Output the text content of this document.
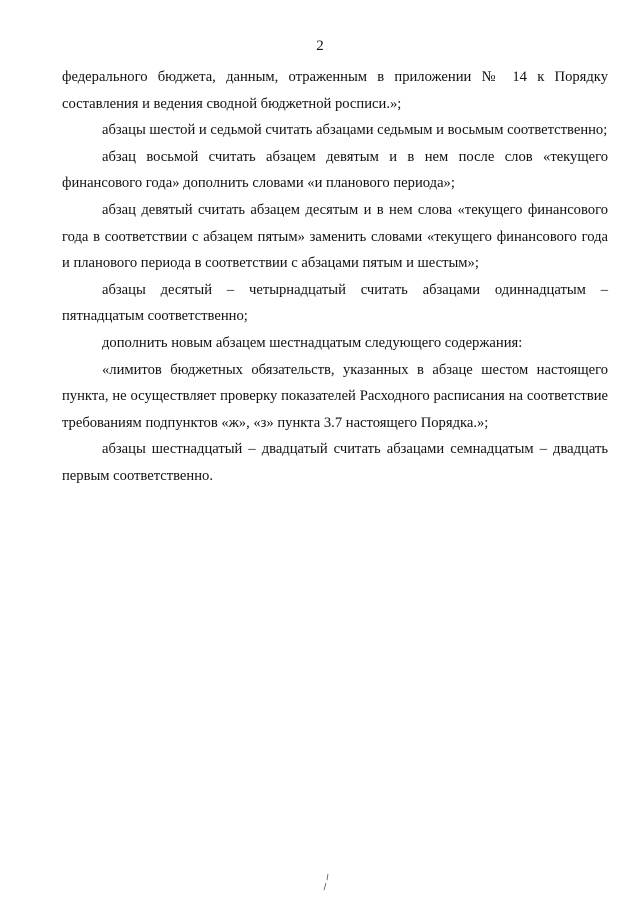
2

федерального бюджета, данным, отраженным в приложении № 14 к Порядку составления и ведения сводной бюджетной росписи.»;

абзацы шестой и седьмой считать абзацами седьмым и восьмым соответственно;

абзац восьмой считать абзацем девятым и в нем после слов «текущего финансового года» дополнить словами «и планового периода»;

абзац девятый считать абзацем десятым и в нем слова «текущего финансового года в соответствии с абзацем пятым» заменить словами «текущего финансового года и планового периода в соответствии с абзацами пятым и шестым»;

абзацы десятый – четырнадцатый считать абзацами одиннадцатым – пятнадцатым соответственно;

дополнить новым абзацем шестнадцатым следующего содержания:

«лимитов бюджетных обязательств, указанных в абзаце шестом настоящего пункта, не осуществляет проверку показателей Расходного расписания на соответствие требованиям подпунктов «ж», «з» пункта 3.7 настоящего Порядка.»;

абзацы шестнадцатый – двадцатый считать абзацами семнадцатым – двадцать первым соответственно.
